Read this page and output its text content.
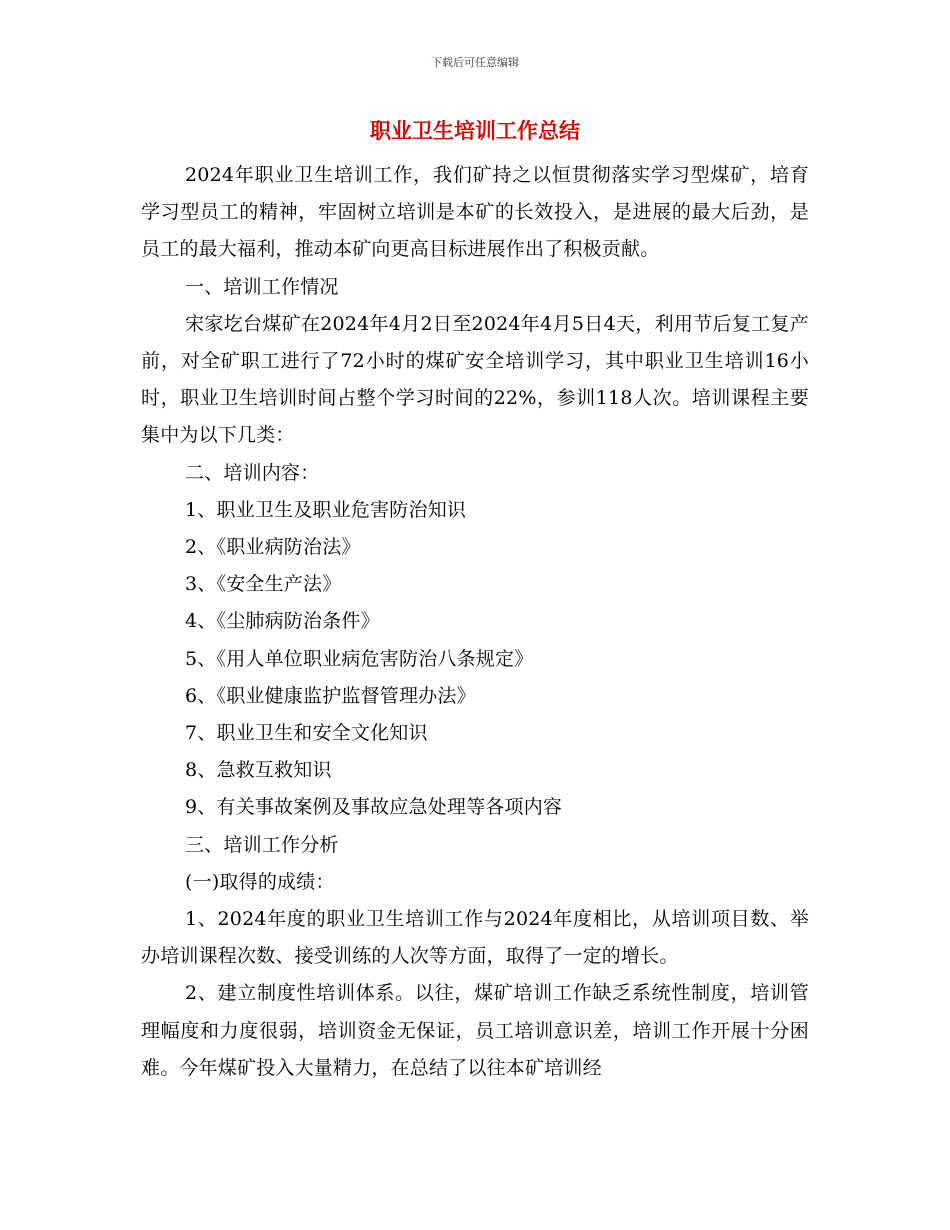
下载后可任意编辑
职业卫生培训工作总结

2024年职业卫生培训工作，我们矿持之以恒贯彻落实学习型煤矿，培育学习型员工的精神，牢固树立培训是本矿的长效投入，是进展的最大后劲，是员工的最大福利，推动本矿向更高目标进展作出了积极贡献。

一、培训工作情况

宋家圪台煤矿在2024年4月2日至2024年4月5日4天，利用节后复工复产前，对全矿职工进行了72小时的煤矿安全培训学习，其中职业卫生培训16小时，职业卫生培训时间占整个学习时间的22%，参训118人次。培训课程主要集中为以下几类：

二、培训内容：

1、职业卫生及职业危害防治知识

2、《职业病防治法》

3、《安全生产法》

4、《尘肺病防治条件》

5、《用人单位职业病危害防治八条规定》

6、《职业健康监护监督管理办法》

7、职业卫生和安全文化知识

8、急救互救知识

9、有关事故案例及事故应急处理等各项内容

三、培训工作分析

(一)取得的成绩：

1、2024年度的职业卫生培训工作与2024年度相比，从培训项目数、举办培训课程次数、接受训练的人次等方面，取得了一定的增长。

2、建立制度性培训体系。以往，煤矿培训工作缺乏系统性制度，培训管理幅度和力度很弱，培训资金无保证，员工培训意识差，培训工作开展十分困难。今年煤矿投入大量精力，在总结了以往本矿培训经
